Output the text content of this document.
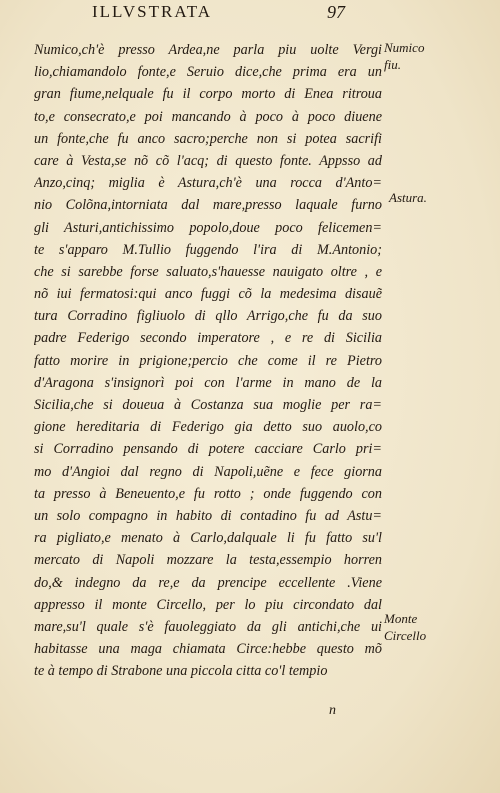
ILLVSTRATA	97
Numico,ch'è presso Ardea,ne parla piu uolte Vergi
lio,chiamandolo fonte,e Seruio dice,che prima era un
gran fiume,nelquale fu il corpo morto di Enea ritroua
to,e consecrato,e poi mancando à poco à poco diuene
un fonte,che fu anco sacro;perche non si potea sacrifi
care à Vesta,se nõ cõ l'acq; di questo fonte. Appsso ad
Anzo,cinq; miglia è Astura,ch'è una rocca d'Anto=
nio Colõna,intorniata dal mare,presso laquale furno
gli Asturi,antichissimo popolo,doue poco felicemen=
te s'apparo M.Tullio fuggendo l'ira di M.Antonio;
che si sarebbe forse saluato,s'hauesse nauigato oltre , e
nõ iui fermatosi:qui anco fuggi cõ la medesima disauẽ
tura Corradino figliuolo di qllo Arrigo,che fu da suo
padre Federigo secondo imperatore , e re di Sicilia
fatto morire in prigione;percio che come il re Pietro
d'Aragona s'insignorì poi con l'arme in mano de la
Sicilia,che si doueua à Costanza sua moglie per ra=
gione hereditaria di Federigo gia detto suo auolo,co
si Corradino pensando di potere cacciare Carlo pri=
mo d'Angioi dal regno di Napoli,uẽne e fece giorna
ta presso à Beneuento,e fu rotto ; onde fuggendo con
un solo compagno in habito di contadino fu ad Astu=
ra pigliato,e menato à Carlo,dalquale li fu fatto su'l
mercato di Napoli mozzare la testa,essempio horren
do,& indegno da re,e da prencipe eccellente .Viene
appresso il monte Circello, per lo piu circondato dal
mare,su'l quale s'è fauoleggiato da gli antichi,che ui
habitasse una maga chiamata Circe:hebbe questo mõ
te à tempo di Strabone una piccola citta co'l tempio
Numico
fiu.
Astura.
Monte
Circello
n
